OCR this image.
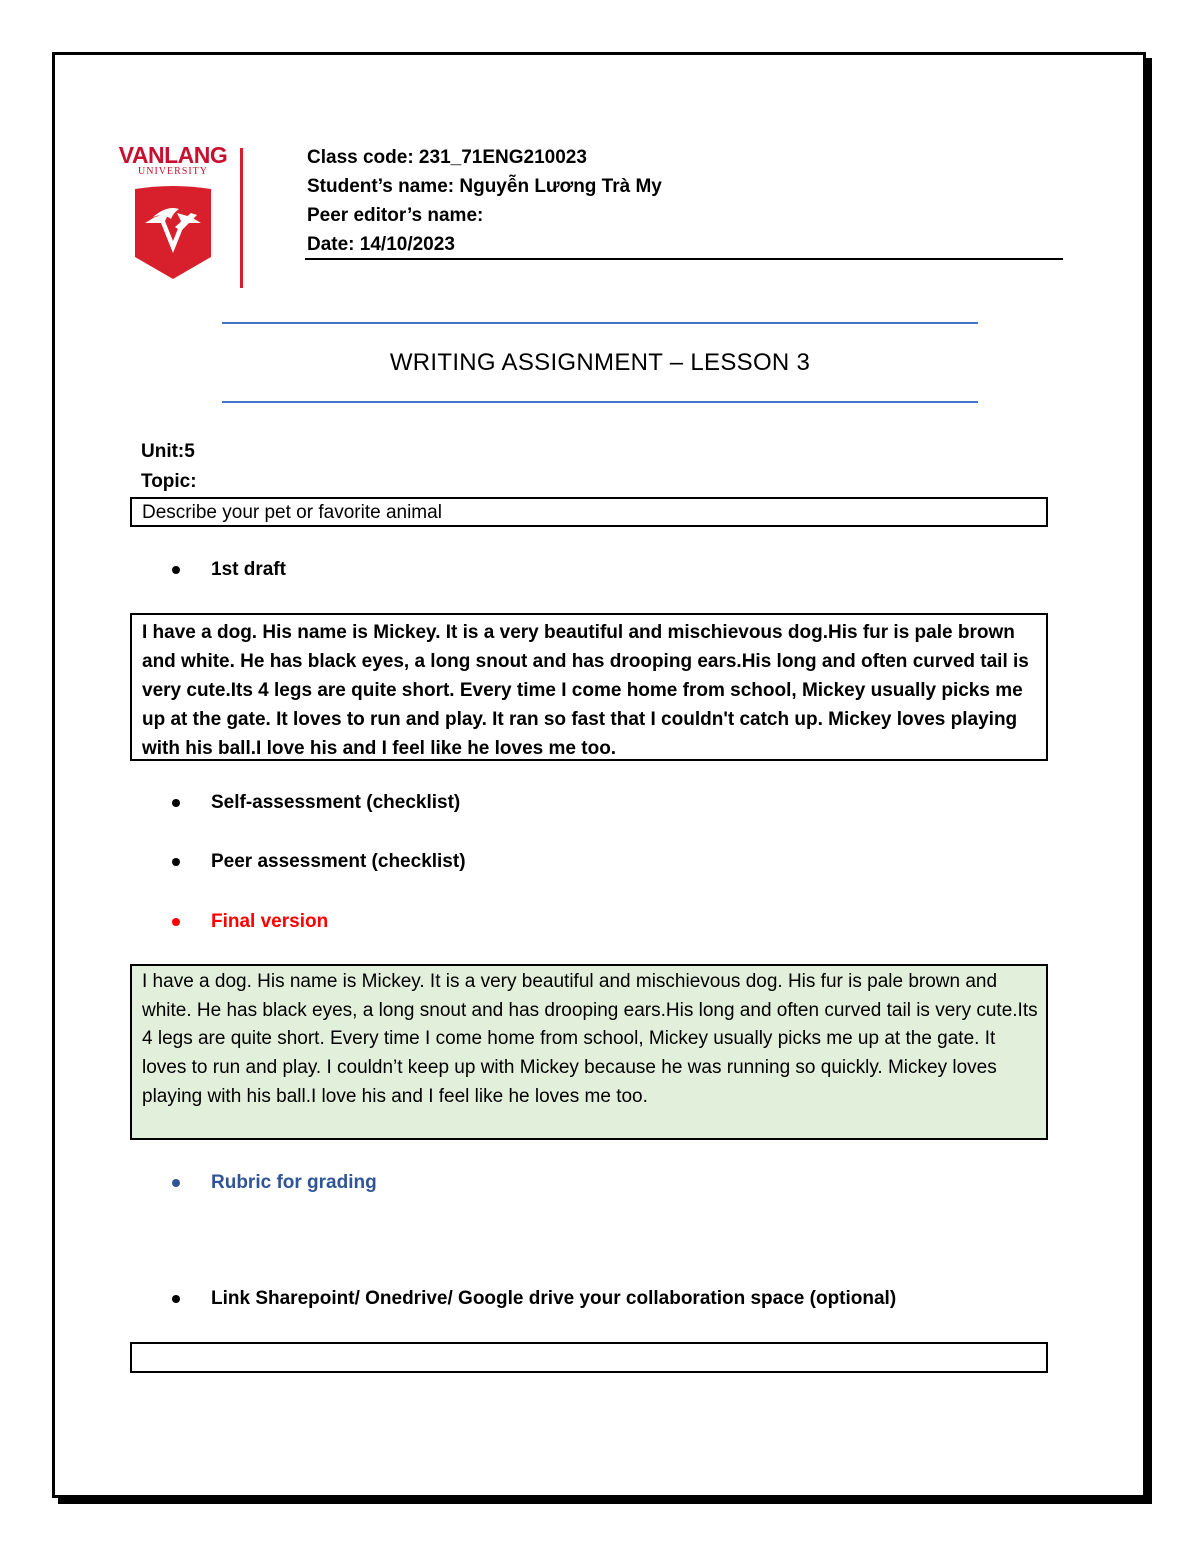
VANLANG
UNIVERSITY
Class code: 231_71ENG210023
Student’s name: Nguyễn Lương Trà My
Peer editor’s name:
Date: 14/10/2023
WRITING ASSIGNMENT – LESSON 3
Unit:5
Topic:
Describe your pet or favorite animal
1st draft
I have a dog. His name is Mickey. It is a very beautiful and mischievous dog.His fur is pale brown and white. He has black eyes, a long snout and has drooping ears.His long and often curved tail is very cute.Its 4 legs are quite short. Every time I come home from school, Mickey usually picks me up at the gate. It loves to run and play. It ran so fast that I couldn't catch up. Mickey loves playing with his ball.I love his and I feel like he loves me too.
Self-assessment (checklist)
Peer assessment (checklist)
Final version
I have a dog. His name is Mickey. It is a very beautiful and mischievous dog. His fur is pale brown and white. He has black eyes, a long snout and has drooping ears.His long and often curved tail is very cute.Its 4 legs are quite short. Every time I come home from school, Mickey usually picks me up at the gate. It loves to run and play. I couldn’t keep up with Mickey because he was running so quickly. Mickey loves playing with his ball.I love his and I feel like he loves me too.
Rubric for grading
Link Sharepoint/ Onedrive/ Google drive your collaboration space (optional)
